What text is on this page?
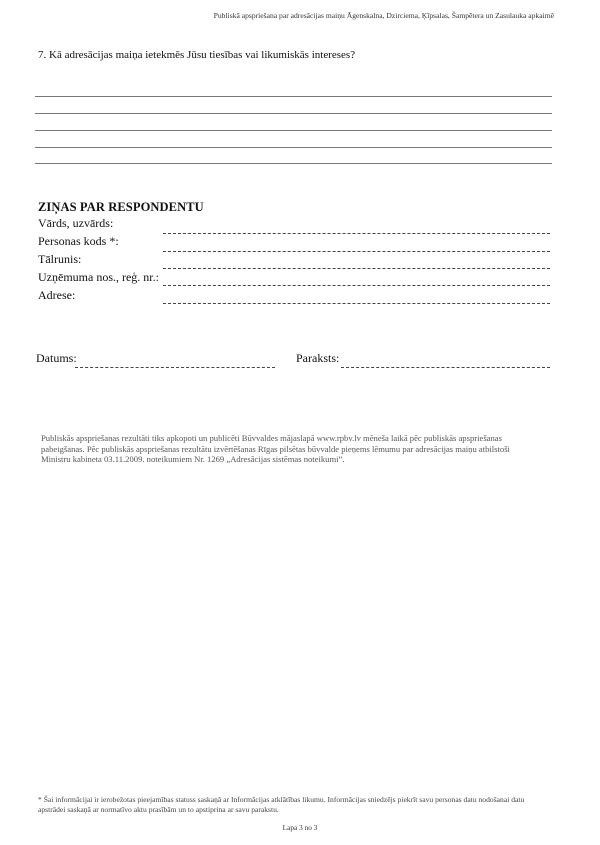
Publiskā apspriešana par adresācijas maiņu Āgenskalna, Dzirciema, Ķīpsalas, Šampētera un Zasulauka apkaimē
7. Kā adresācijas maiņa ietekmēs Jūsu tiesības vai likumiskās intereses?
ZIŅAS PAR RESPONDENTU
Vārds, uzvārds:
Personas kods *:
Tālrunis:
Uzņēmuma nos., reģ. nr.:
Adrese:
Datums:	Paraksts:
Publiskās apspriešanas rezultāti tiks apkopoti un publicēti Būvvaldes mājaslapā www.rpbv.lv mēneša laikā pēc publiskās apspriešanas pabeigšanas. Pēc publiskās apspriešanas rezultātu izvērtēšanas Rīgas pilsētas būvvalde pieņems lēmumu par adresācijas maiņu atbilstoši Ministru kabineta 03.11.2009. noteikumiem Nr. 1269 „Adresācijas sistēmas noteikumi”.
* Šai informācijai ir ierobežotas pieejamības statuss saskaņā ar Informācijas atklātības likumu. Informācijas sniedzējs piekrīt savu personas datu nodošanai datu apstrādei saskaņā ar normatīvo aktu prasībām un to apstiprina ar savu parakstu.
Lapa 3 no 3
